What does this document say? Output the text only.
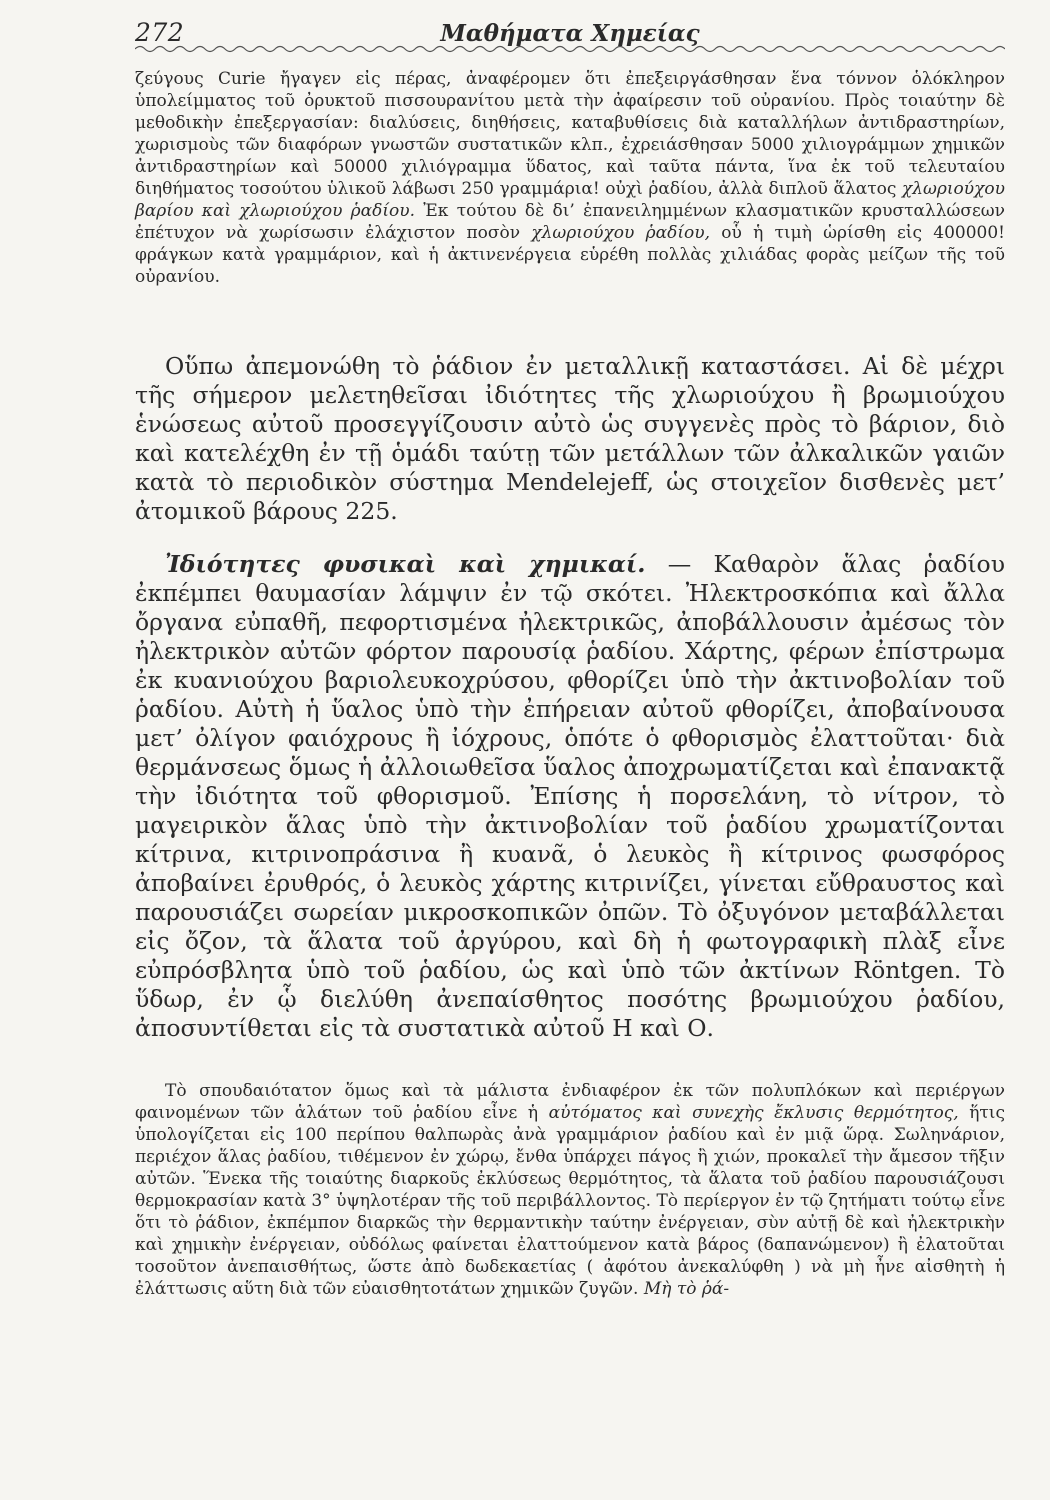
272	Μαθήματα Χημείας

ζεύγους Curie ἤγαγεν εἰς πέρας, ἀναφέρομεν ὅτι ἐπεξειργάσθησαν ἕνα τόννον ὁλόκληρον ὑπολείμματος τοῦ ὀρυκτοῦ πισσουρανίτου μετὰ τὴν ἀφαίρεσιν τοῦ οὐρανίου. Πρὸς τοιαύτην δὲ μεθοδικὴν ἐπεξεργασίαν: διαλύσεις, διηθήσεις, καταβυθίσεις διὰ καταλλήλων ἀντιδραστηρίων, χωρισμοὺς τῶν διαφόρων γνωστῶν συστατικῶν κλπ., ἐχρειάσθησαν 5000 χιλιογράμμων χημικῶν ἀντιδραστηρίων καὶ 50000 χιλιόγραμμα ὕδατος, καὶ ταῦτα πάντα, ἵνα ἐκ τοῦ τελευταίου διηθήματος τοσούτου ὑλικοῦ λάβωσι 250 γραμμάρια! οὐχὶ ῥαδίου, ἀλλὰ διπλοῦ ἅλατος χλωριούχου βαρίου καὶ χλωριούχου ῥαδίου. Ἐκ τούτου δὲ δι’ ἐπανειλημμένων κλασματικῶν κρυσταλλώσεων ἐπέτυχον νὰ χωρίσωσιν ἐλάχιστον ποσὸν χλωριούχου ῥαδίου, οὗ ἡ τιμὴ ὡρίσθη εἰς 400000! φράγκων κατὰ γραμμάριον, καὶ ἡ ἀκτινενέργεια εὑρέθη πολλὰς χιλιάδας φορὰς μείζων τῆς τοῦ οὐρανίου.

Οὕπω ἀπεμονώθη τὸ ῥάδιον ἐν μεταλλικῇ καταστάσει. Αἱ δὲ μέχρι τῆς σήμερον μελετηθεῖσαι ἰδιότητες τῆς χλωριούχου ἢ βρωμιούχου ἑνώσεως αὐτοῦ προσεγγίζουσιν αὐτὸ ὡς συγγενὲς πρὸς τὸ βάριον, διὸ καὶ κατελέχθη ἐν τῇ ὁμάδι ταύτῃ τῶν μετάλλων τῶν ἀλκαλικῶν γαιῶν κατὰ τὸ περιοδικὸν σύστημα Mendelejeff, ὡς στοιχεῖον δισθενὲς μετ’ ἀτομικοῦ βάρους 225.

Ἰδιότητες φυσικαὶ καὶ χημικαί. — Καθαρὸν ἅλας ῥαδίου ἐκπέμπει θαυμασίαν λάμψιν ἐν τῷ σκότει. Ἠλεκτροσκόπια καὶ ἄλλα ὄργανα εὐπαθῆ, πεφορτισμένα ἠλεκτρικῶς, ἀποβάλλουσιν ἀμέσως τὸν ἠλεκτρικὸν αὐτῶν φόρτον παρουσίᾳ ῥαδίου. Χάρτης, φέρων ἐπίστρωμα ἐκ κυανιούχου βαριολευκοχρύσου, φθορίζει ὑπὸ τὴν ἀκτινοβολίαν τοῦ ῥαδίου. Αὐτὴ ἡ ὕαλος ὑπὸ τὴν ἐπήρειαν αὐτοῦ φθορίζει, ἀποβαίνουσα μετ’ ὀλίγον φαιόχρους ἢ ἰόχρους, ὁπότε ὁ φθορισμὸς ἐλαττοῦται· διὰ θερμάνσεως ὅμως ἡ ἀλλοιωθεῖσα ὕαλος ἀποχρωματίζεται καὶ ἐπανακτᾷ τὴν ἰδιότητα τοῦ φθορισμοῦ. Ἐπίσης ἡ πορσελάνη, τὸ νίτρον, τὸ μαγειρικὸν ἅλας ὑπὸ τὴν ἀκτινοβολίαν τοῦ ῥαδίου χρωματίζονται κίτρινα, κιτρινοπράσινα ἢ κυανᾶ, ὁ λευκὸς ἢ κίτρινος φωσφόρος ἀποβαίνει ἐρυθρός, ὁ λευκὸς χάρτης κιτρινίζει, γίνεται εὔθραυστος καὶ παρουσιάζει σωρείαν μικροσκοπικῶν ὀπῶν. Τὸ ὀξυγόνον μεταβάλλεται εἰς ὄζον, τὰ ἅλατα τοῦ ἀργύρου, καὶ δὴ ἡ φωτογραφικὴ πλὰξ εἶνε εὐπρόσβλητα ὑπὸ τοῦ ῥαδίου, ὡς καὶ ὑπὸ τῶν ἀκτίνων Röntgen. Τὸ ὕδωρ, ἐν ᾧ διελύθη ἀνεπαίσθητος ποσότης βρωμιούχου ῥαδίου, ἀποσυντίθεται εἰς τὰ συστατικὰ αὐτοῦ Η καὶ Ο.

Τὸ σπουδαιότατον ὅμως καὶ τὰ μάλιστα ἐνδιαφέρον ἐκ τῶν πολυπλόκων καὶ περιέργων φαινομένων τῶν ἁλάτων τοῦ ῥαδίου εἶνε ἡ αὐτόματος καὶ συνεχὴς ἔκλυσις θερμότητος, ἥτις ὑπολογίζεται εἰς 100 περίπου θαλπωρὰς ἀνὰ γραμμάριον ῥαδίου καὶ ἐν μιᾷ ὥρᾳ. Σωληνάριον, περιέχον ἅλας ῥαδίου, τιθέμενον ἐν χώρῳ, ἔνθα ὑπάρχει πάγος ἢ χιών, προκαλεῖ τὴν ἄμεσον τῆξιν αὐτῶν. Ἕνεκα τῆς τοιαύτης διαρκοῦς ἐκλύσεως θερμότητος, τὰ ἅλατα τοῦ ῥαδίου παρουσιάζουσι θερμοκρασίαν κατὰ 3° ὑψηλοτέραν τῆς τοῦ περιβάλλοντος. Τὸ περίεργον ἐν τῷ ζητήματι τούτῳ εἶνε ὅτι τὸ ῥάδιον, ἐκπέμπον διαρκῶς τὴν θερμαντικὴν ταύτην ἐνέργειαν, σὺν αὐτῇ δὲ καὶ ἠλεκτρικὴν καὶ χημικὴν ἐνέργειαν, οὐδόλως φαίνεται ἐλαττούμενον κατὰ βάρος (δαπανώμενον) ἢ ἐλατοῦται τοσοῦτον ἀνεπαισθήτως, ὥστε ἀπὸ δωδεκαετίας ( ἀφότου ἀνεκαλύφθη ) νὰ μὴ ἦνε αἰσθητὴ ἡ ἐλάττωσις αὕτη διὰ τῶν εὐαισθητοτάτων χημικῶν ζυγῶν. Μὴ τὸ ῥά-
